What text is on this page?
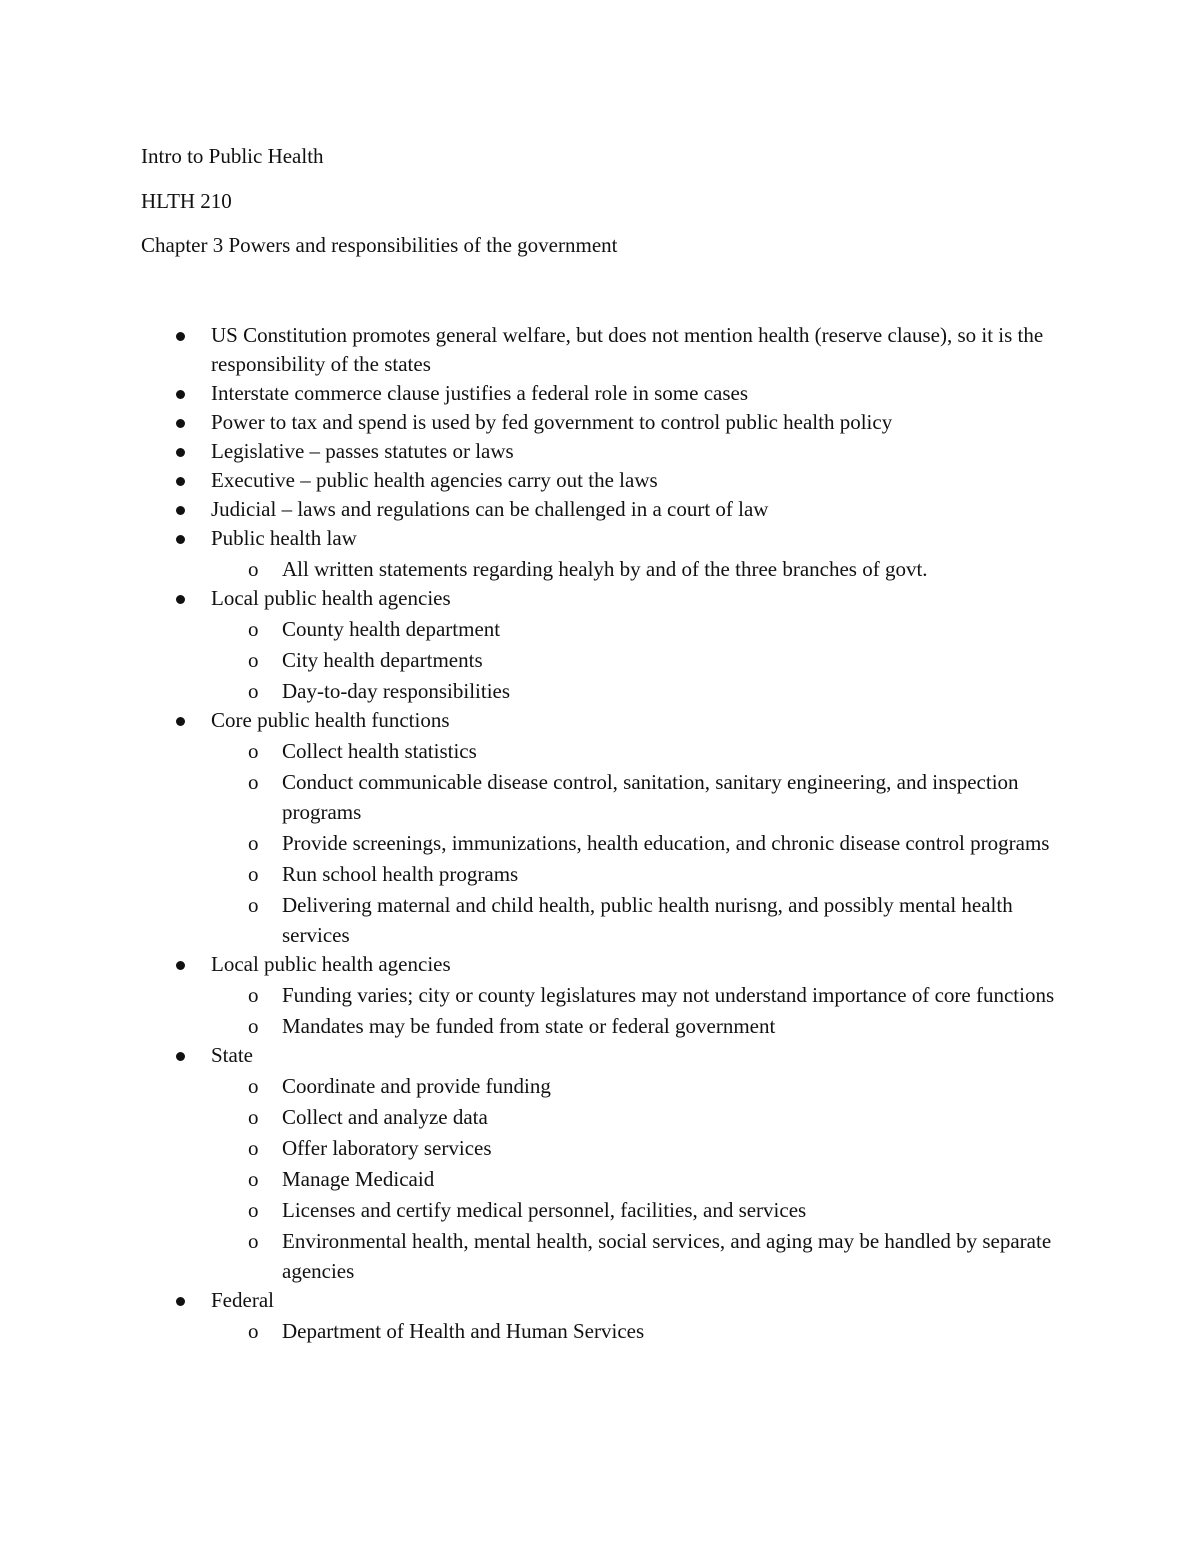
Intro to Public Health

HLTH 210

Chapter 3 Powers and responsibilities of the government

US Constitution promotes general welfare, but does not mention health (reserve clause), so it is the responsibility of the states
Interstate commerce clause justifies a federal role in some cases
Power to tax and spend is used by fed government to control public health policy
Legislative – passes statutes or laws
Executive – public health agencies carry out the laws
Judicial – laws and regulations can be challenged in a court of law
Public health law
o All written statements regarding healyh by and of the three branches of govt.
Local public health agencies
o County health department
o City health departments
o Day-to-day responsibilities
Core public health functions
o Collect health statistics
o Conduct communicable disease control, sanitation, sanitary engineering, and inspection programs
o Provide screenings, immunizations, health education, and chronic disease control programs
o Run school health programs
o Delivering maternal and child health, public health nurisng, and possibly mental health services
Local public health agencies
o Funding varies; city or county legislatures may not understand importance of core functions
o Mandates may be funded from state or federal government
State
o Coordinate and provide funding
o Collect and analyze data
o Offer laboratory services
o Manage Medicaid
o Licenses and certify medical personnel, facilities, and services
o Environmental health, mental health, social services, and aging may be handled by separate agencies
Federal
o Department of Health and Human Services
